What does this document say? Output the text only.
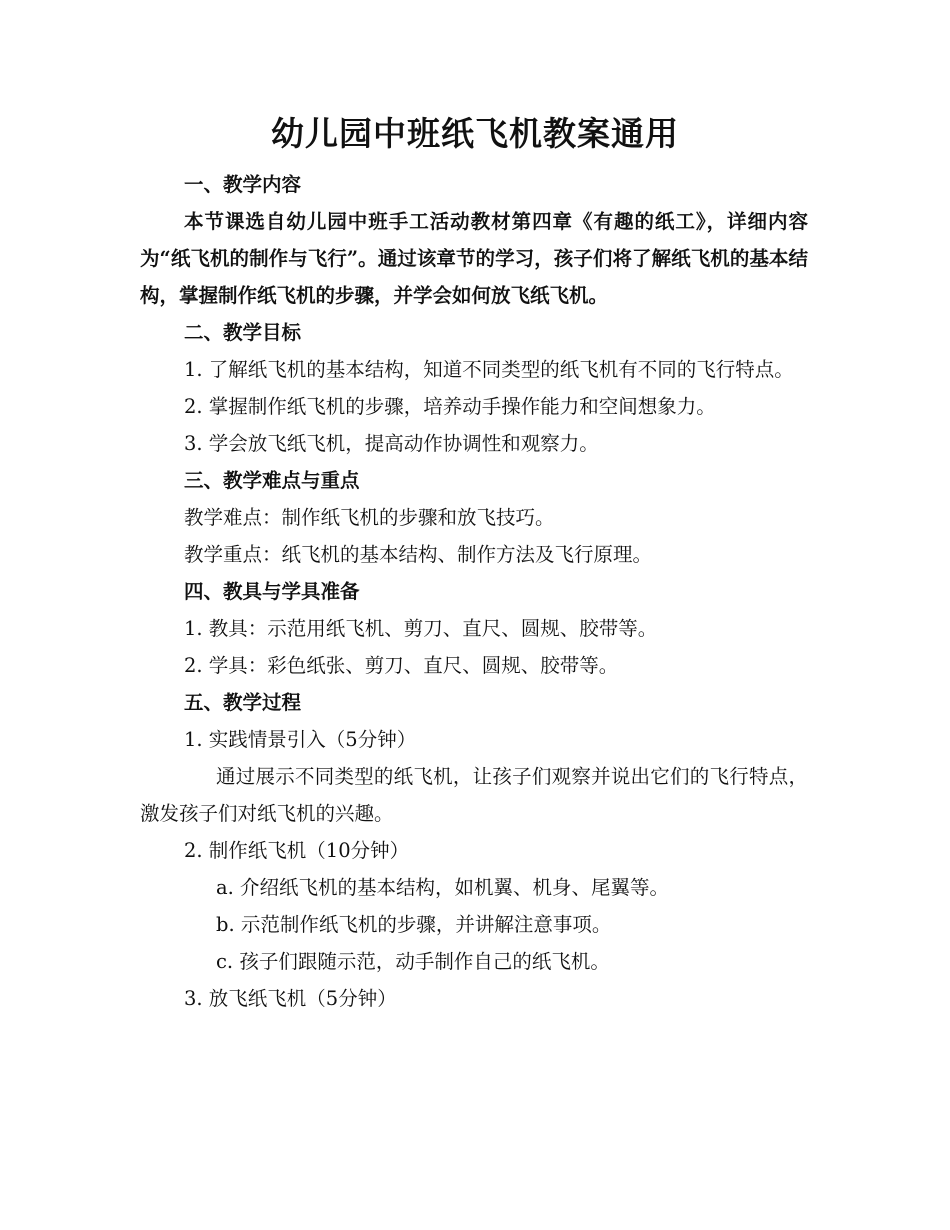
幼儿园中班纸飞机教案通用

一、教学内容

本节课选自幼儿园中班手工活动教材第四章《有趣的纸工》，详细内容为“纸飞机的制作与飞行”。通过该章节的学习，孩子们将了解纸飞机的基本结构，掌握制作纸飞机的步骤，并学会如何放飞纸飞机。

二、教学目标

1. 了解纸飞机的基本结构，知道不同类型的纸飞机有不同的飞行特点。

2. 掌握制作纸飞机的步骤，培养动手操作能力和空间想象力。

3. 学会放飞纸飞机，提高动作协调性和观察力。

三、教学难点与重点

教学难点：制作纸飞机的步骤和放飞技巧。

教学重点：纸飞机的基本结构、制作方法及飞行原理。

四、教具与学具准备

1. 教具：示范用纸飞机、剪刀、直尺、圆规、胶带等。

2. 学具：彩色纸张、剪刀、直尺、圆规、胶带等。

五、教学过程

1. 实践情景引入（5分钟）

通过展示不同类型的纸飞机，让孩子们观察并说出它们的飞行特点，激发孩子们对纸飞机的兴趣。

2. 制作纸飞机（10分钟）

a. 介绍纸飞机的基本结构，如机翼、机身、尾翼等。

b. 示范制作纸飞机的步骤，并讲解注意事项。

c. 孩子们跟随示范，动手制作自己的纸飞机。

3. 放飞纸飞机（5分钟）
